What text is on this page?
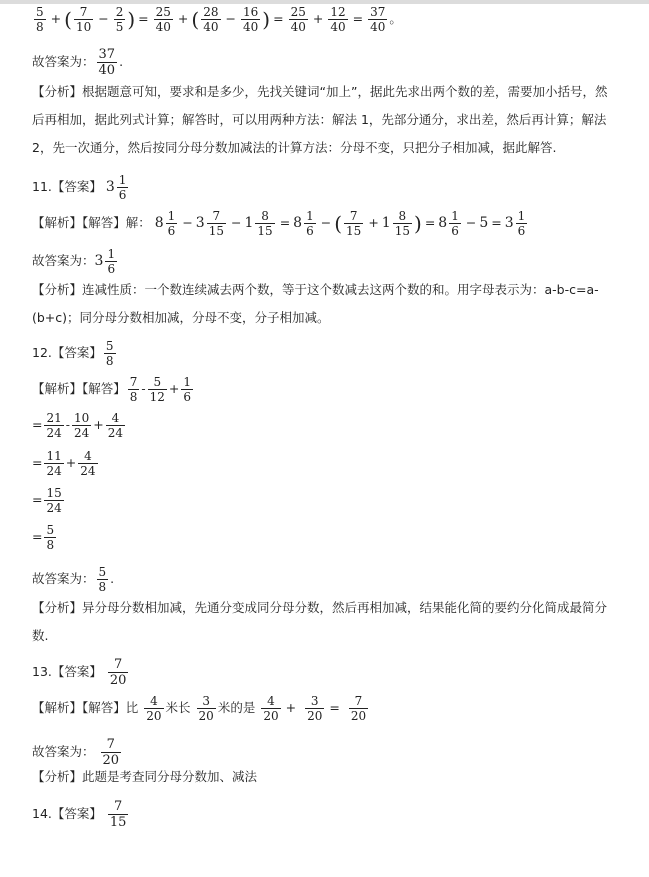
$\frac{5}{8}$ + ( $\frac{7}{10} - \frac{2}{5}$ ) = $\frac{25}{40}$ + ( $\frac{28}{40} - \frac{16}{40}$ ) = $\frac{25}{40} + \frac{12}{40} = \frac{37}{40}$ 。
故答案为： $\frac{37}{40}$ .
【分析】根据题意可知，要求和是多少，先找关键词“加上”，据此先求出两个数的差，需要加小括号，然后再相加，据此列式计算；解答时，可以用两种方法：解法 1，先部分通分，求出差，然后再计算；解法 2，先一次通分，然后按同分母分数加减法的计算方法：分母不变，只把分子相加减，据此解答.
11.【答案】 $3 \frac{1}{6}$
【解析】【解答】解： $8 \frac{1}{6} - 3 \frac{7}{15} - 1 \frac{8}{15} = 8 \frac{1}{6}$ − ( $\frac{7}{15} + 1 \frac{8}{15}$ ) = $8 \frac{1}{6} - 5 = 3 \frac{1}{6}$
故答案为：$3 \frac{1}{6}$
【分析】连减性质：一个数连续减去两个数，等于这个数减去这两个数的和。用字母表示为：a-b-c=a-(b+c)；同分母分数相加减，分母不变，分子相加减。
12.【答案】 $\frac{5}{8}$
【解析】【解答】 $\frac{7}{8} - \frac{5}{12} + \frac{1}{6}$
= $\frac{21}{24} - \frac{10}{24} + \frac{4}{24}$
= $\frac{11}{24} + \frac{4}{24}$
= $\frac{15}{24}$
= $\frac{5}{8}$
故答案为： $\frac{5}{8}$ .
【分析】异分母分数相加减，先通分变成同分母分数，然后再相加减，结果能化简的要约分化简成最简分数.
13.【答案】 $\frac{7}{20}$
【解析】【解答】比 $\frac{4}{20}$ 米长 $\frac{3}{20}$ 米的是 $\frac{4}{20} + \frac{3}{20} = \frac{7}{20}$
故答案为： $\frac{7}{20}$
【分析】此题是考查同分母分数加、减法
14.【答案】 $\frac{7}{15}$
